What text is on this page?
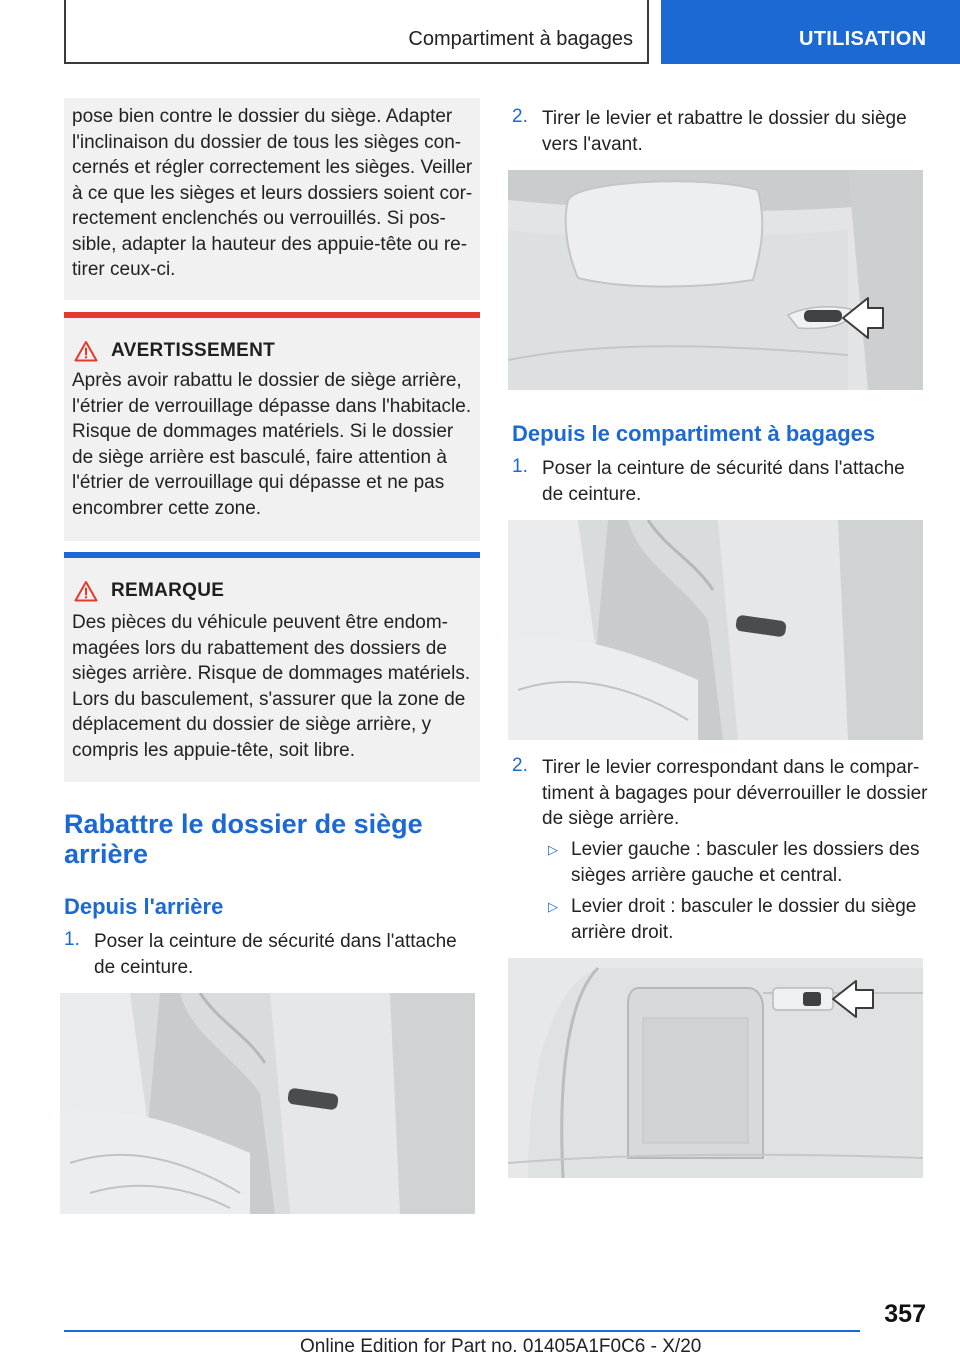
Compartiment à bagages	UTILISATION
pose bien contre le dossier du siège. Adapter
l'inclinaison du dossier de tous les sièges con-
cernés et régler correctement les sièges. Veiller
à ce que les sièges et leurs dossiers soient cor-
rectement enclenchés ou verrouillés. Si pos-
sible, adapter la hauteur des appuie-tête ou re-
tirer ceux-ci.
AVERTISSEMENT
Après avoir rabattu le dossier de siège arrière,
l'étrier de verrouillage dépasse dans l'habitacle.
Risque de dommages matériels. Si le dossier
de siège arrière est basculé, faire attention à
l'étrier de verrouillage qui dépasse et ne pas
encombrer cette zone.
REMARQUE
Des pièces du véhicule peuvent être endom-
magées lors du rabattement des dossiers de
sièges arrière. Risque de dommages matériels.
Lors du basculement, s'assurer que la zone de
déplacement du dossier de siège arrière, y
compris les appuie-tête, soit libre.
Rabattre le dossier de siège
arrière
Depuis l'arrière
1. Poser la ceinture de sécurité dans l'attache
de ceinture.
2. Tirer le levier et rabattre le dossier du siège
vers l'avant.
Depuis le compartiment à bagages
1. Poser la ceinture de sécurité dans l'attache
de ceinture.
2. Tirer le levier correspondant dans le compar-
timent à bagages pour déverrouiller le dossier
de siège arrière.
▷ Levier gauche : basculer les dossiers des
sièges arrière gauche et central.
▷ Levier droit : basculer le dossier du siège
arrière droit.
357
Online Edition for Part no. 01405A1F0C6 - X/20
